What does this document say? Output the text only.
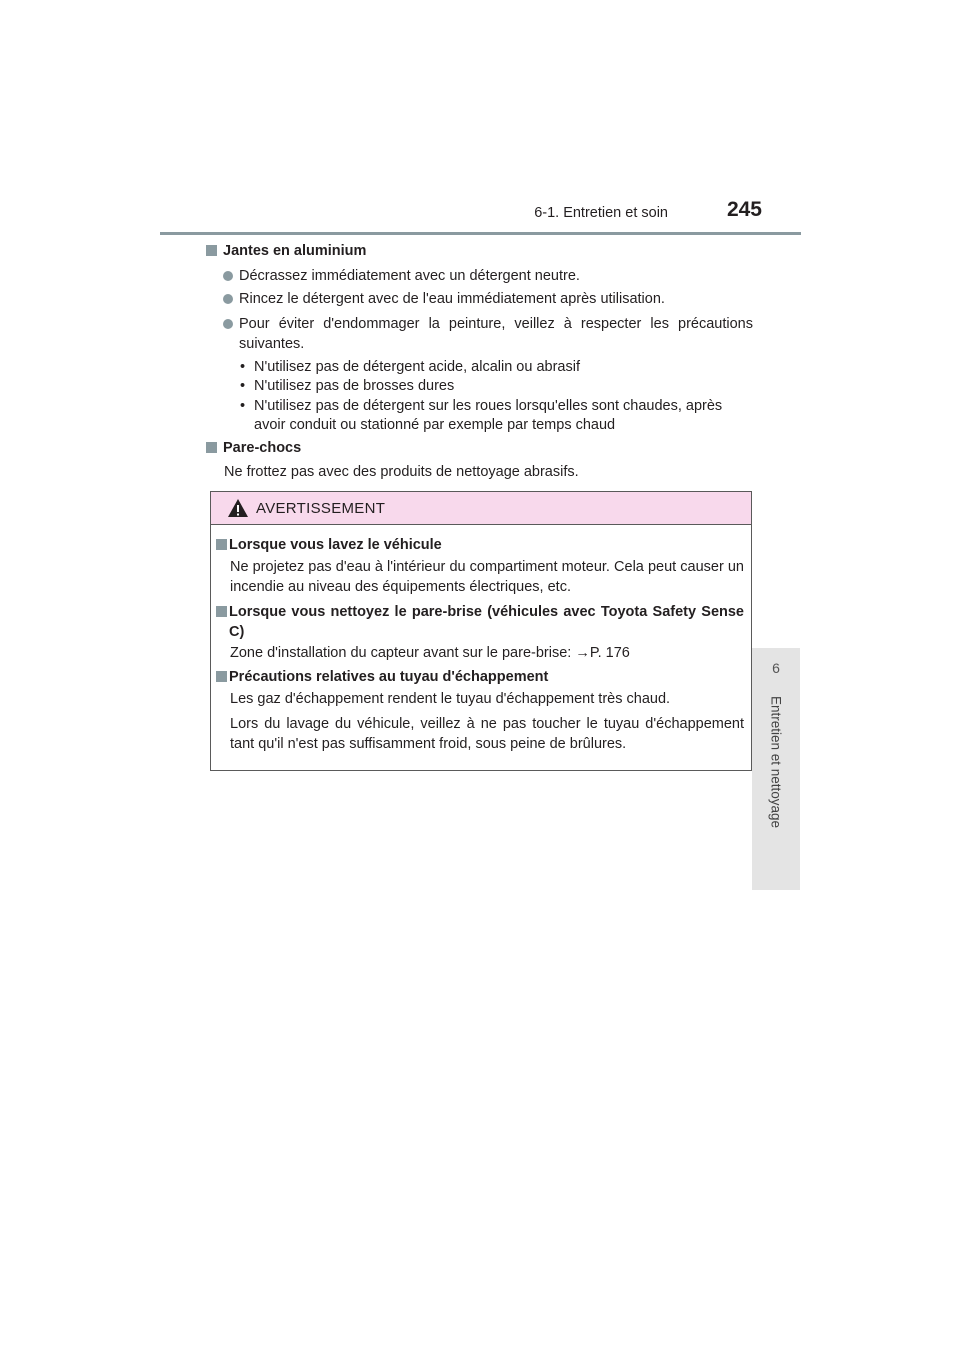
6-1. Entretien et soin	245
6
Entretien et nettoyage
Jantes en aluminium
Décrassez immédiatement avec un détergent neutre.
Rincez le détergent avec de l'eau immédiatement après utilisation.
Pour éviter d'endommager la peinture, veillez à respecter les précautions suivantes.
• N'utilisez pas de détergent acide, alcalin ou abrasif
• N'utilisez pas de brosses dures
• N'utilisez pas de détergent sur les roues lorsqu'elles sont chaudes, après avoir conduit ou stationné par exemple par temps chaud
Pare-chocs
Ne frottez pas avec des produits de nettoyage abrasifs.
AVERTISSEMENT
Lorsque vous lavez le véhicule
Ne projetez pas d'eau à l'intérieur du compartiment moteur. Cela peut causer un incendie au niveau des équipements électriques, etc.
Lorsque vous nettoyez le pare-brise (véhicules avec Toyota Safety Sense C)
Zone d'installation du capteur avant sur le pare-brise: →P. 176
Précautions relatives au tuyau d'échappement
Les gaz d'échappement rendent le tuyau d'échappement très chaud.
Lors du lavage du véhicule, veillez à ne pas toucher le tuyau d'échappement tant qu'il n'est pas suffisamment froid, sous peine de brûlures.
